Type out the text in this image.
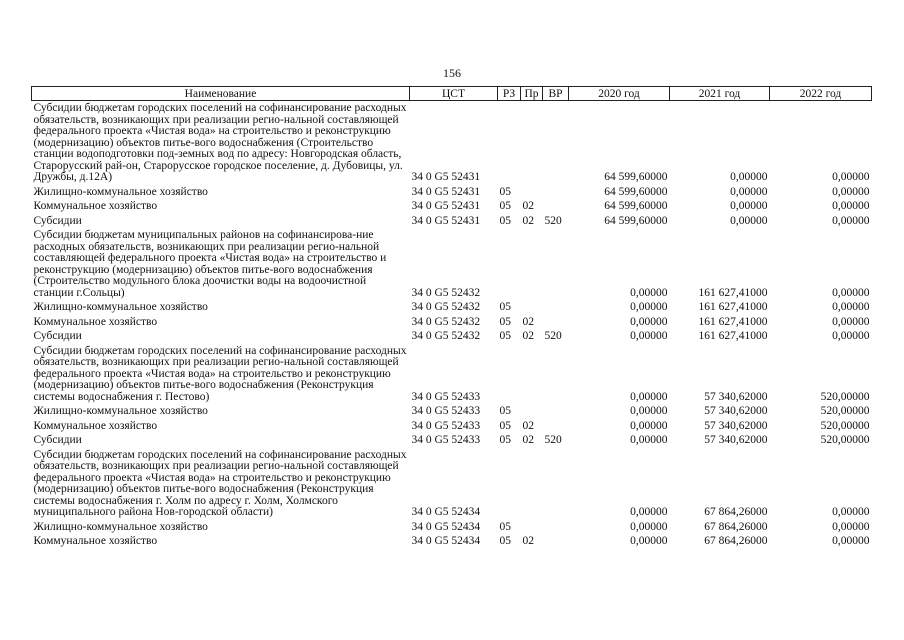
156
Наименование	ЦСТ	РЗ	Пр	ВР	2020 год	2021 год	2022 год
Субсидии бюджетам городских поселений на софинансирование расходных обязательств, возникающих при реализации регио-нальной составляющей федерального проекта «Чистая вода» на строительство и реконструкцию (модернизацию) объектов питье-вого водоснабжения (Строительство станции водоподготовки под-земных вод по адресу: Новгородская область, Старорусский рай-он, Старорусское городское поселение, д. Дубовицы, ул. Дружбы, д.12А)	34 0 G5 52431				64 599,60000	0,00000	0,00000
Жилищно-коммунальное хозяйство	34 0 G5 52431	05			64 599,60000	0,00000	0,00000
Коммунальное хозяйство	34 0 G5 52431	05	02		64 599,60000	0,00000	0,00000
Субсидии	34 0 G5 52431	05	02	520	64 599,60000	0,00000	0,00000
Субсидии бюджетам муниципальных районов на софинансирова-ние расходных обязательств, возникающих при реализации регио-нальной составляющей федерального проекта «Чистая вода» на строительство и реконструкцию (модернизацию) объектов питье-вого водоснабжения (Строительство модульного блока доочистки воды на водоочистной станции г.Сольцы)	34 0 G5 52432				0,00000	161 627,41000	0,00000
Жилищно-коммунальное хозяйство	34 0 G5 52432	05			0,00000	161 627,41000	0,00000
Коммунальное хозяйство	34 0 G5 52432	05	02		0,00000	161 627,41000	0,00000
Субсидии	34 0 G5 52432	05	02	520	0,00000	161 627,41000	0,00000
Субсидии бюджетам городских поселений на софинансирование расходных обязательств, возникающих при реализации регио-нальной составляющей федерального проекта «Чистая вода» на строительство и реконструкцию (модернизацию) объектов питье-вого водоснабжения (Реконструкция системы водоснабжения г. Пестово)	34 0 G5 52433				0,00000	57 340,62000	520,00000
Жилищно-коммунальное хозяйство	34 0 G5 52433	05			0,00000	57 340,62000	520,00000
Коммунальное хозяйство	34 0 G5 52433	05	02		0,00000	57 340,62000	520,00000
Субсидии	34 0 G5 52433	05	02	520	0,00000	57 340,62000	520,00000
Субсидии бюджетам городских поселений на софинансирование расходных обязательств, возникающих при реализации регио-нальной составляющей федерального проекта «Чистая вода» на строительство и реконструкцию (модернизацию) объектов питье-вого водоснабжения (Реконструкция системы водоснабжения г. Холм по адресу г. Холм, Холмского муниципального района Нов-городской области)	34 0 G5 52434				0,00000	67 864,26000	0,00000
Жилищно-коммунальное хозяйство	34 0 G5 52434	05			0,00000	67 864,26000	0,00000
Коммунальное хозяйство	34 0 G5 52434	05	02		0,00000	67 864,26000	0,00000
